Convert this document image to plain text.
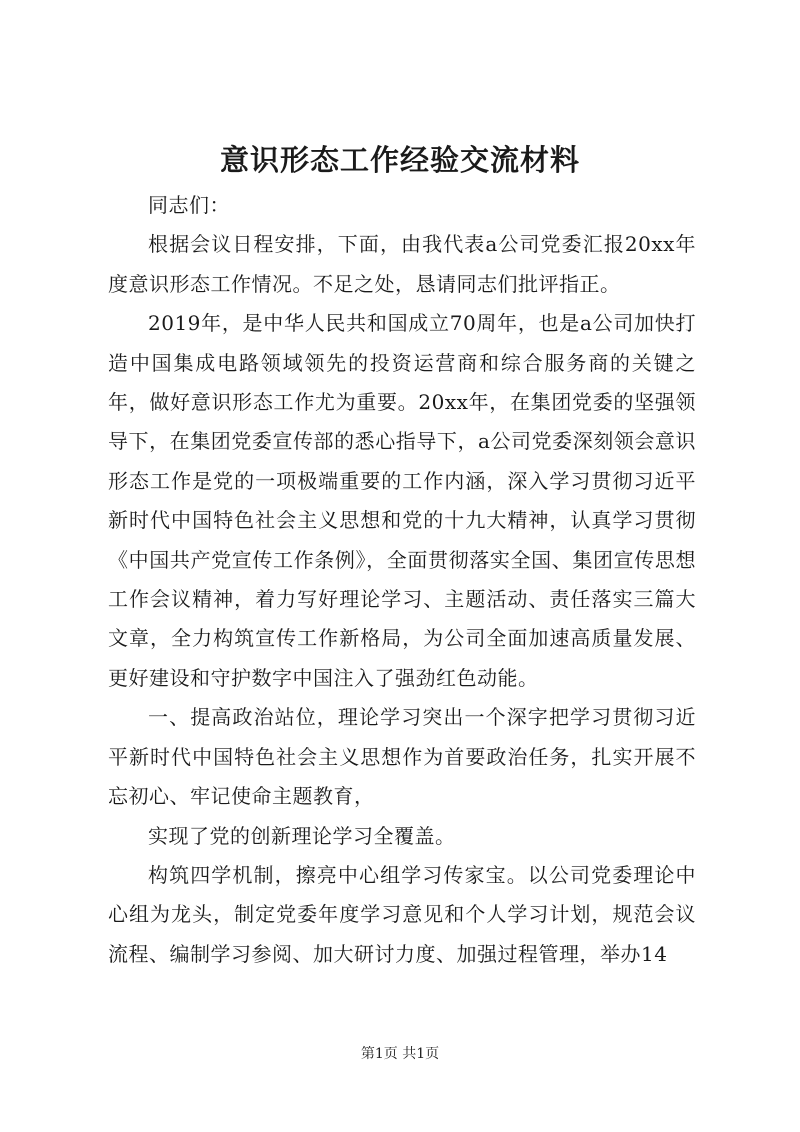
意识形态工作经验交流材料

同志们：

根据会议日程安排，下面，由我代表a公司党委汇报20xx年度意识形态工作情况。不足之处，恳请同志们批评指正。

2019年，是中华人民共和国成立70周年，也是a公司加快打造中国集成电路领域领先的投资运营商和综合服务商的关键之年，做好意识形态工作尤为重要。20xx年，在集团党委的坚强领导下，在集团党委宣传部的悉心指导下，a公司党委深刻领会意识形态工作是党的一项极端重要的工作内涵，深入学习贯彻习近平新时代中国特色社会主义思想和党的十九大精神，认真学习贯彻《中国共产党宣传工作条例》，全面贯彻落实全国、集团宣传思想工作会议精神，着力写好理论学习、主题活动、责任落实三篇大文章，全力构筑宣传工作新格局，为公司全面加速高质量发展、更好建设和守护数字中国注入了强劲红色动能。

一、提高政治站位，理论学习突出一个深字把学习贯彻习近平新时代中国特色社会主义思想作为首要政治任务，扎实开展不忘初心、牢记使命主题教育，

实现了党的创新理论学习全覆盖。

构筑四学机制，擦亮中心组学习传家宝。以公司党委理论中心组为龙头，制定党委年度学习意见和个人学习计划，规范会议流程、编制学习参阅、加大研讨力度、加强过程管理，举办14

第1页 共1页
